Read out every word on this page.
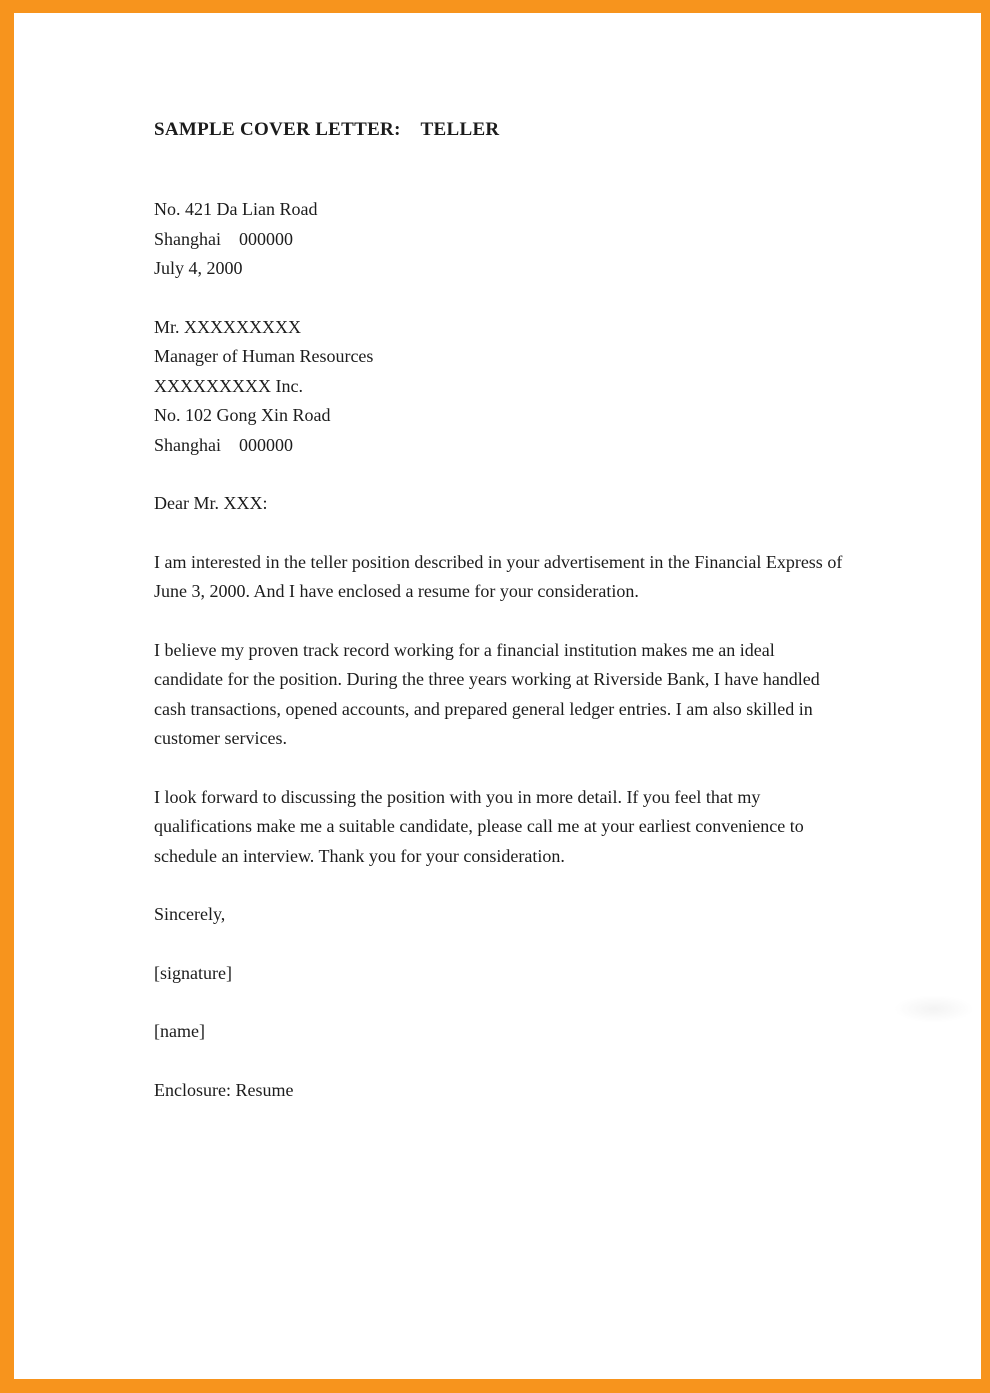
SAMPLE COVER LETTER:    TELLER
No. 421 Da Lian Road
Shanghai    000000
July 4, 2000
Mr. XXXXXXXXX
Manager of Human Resources
XXXXXXXXX Inc.
No. 102 Gong Xin Road
Shanghai    000000
Dear Mr. XXX:
I am interested in the teller position described in your advertisement in the Financial Express of June 3, 2000. And I have enclosed a resume for your consideration.
I believe my proven track record working for a financial institution makes me an ideal candidate for the position. During the three years working at Riverside Bank, I have handled cash transactions, opened accounts, and prepared general ledger entries. I am also skilled in customer services.
I look forward to discussing the position with you in more detail. If you feel that my qualifications make me a suitable candidate, please call me at your earliest convenience to schedule an interview. Thank you for your consideration.
Sincerely,
[signature]
[name]
Enclosure: Resume
